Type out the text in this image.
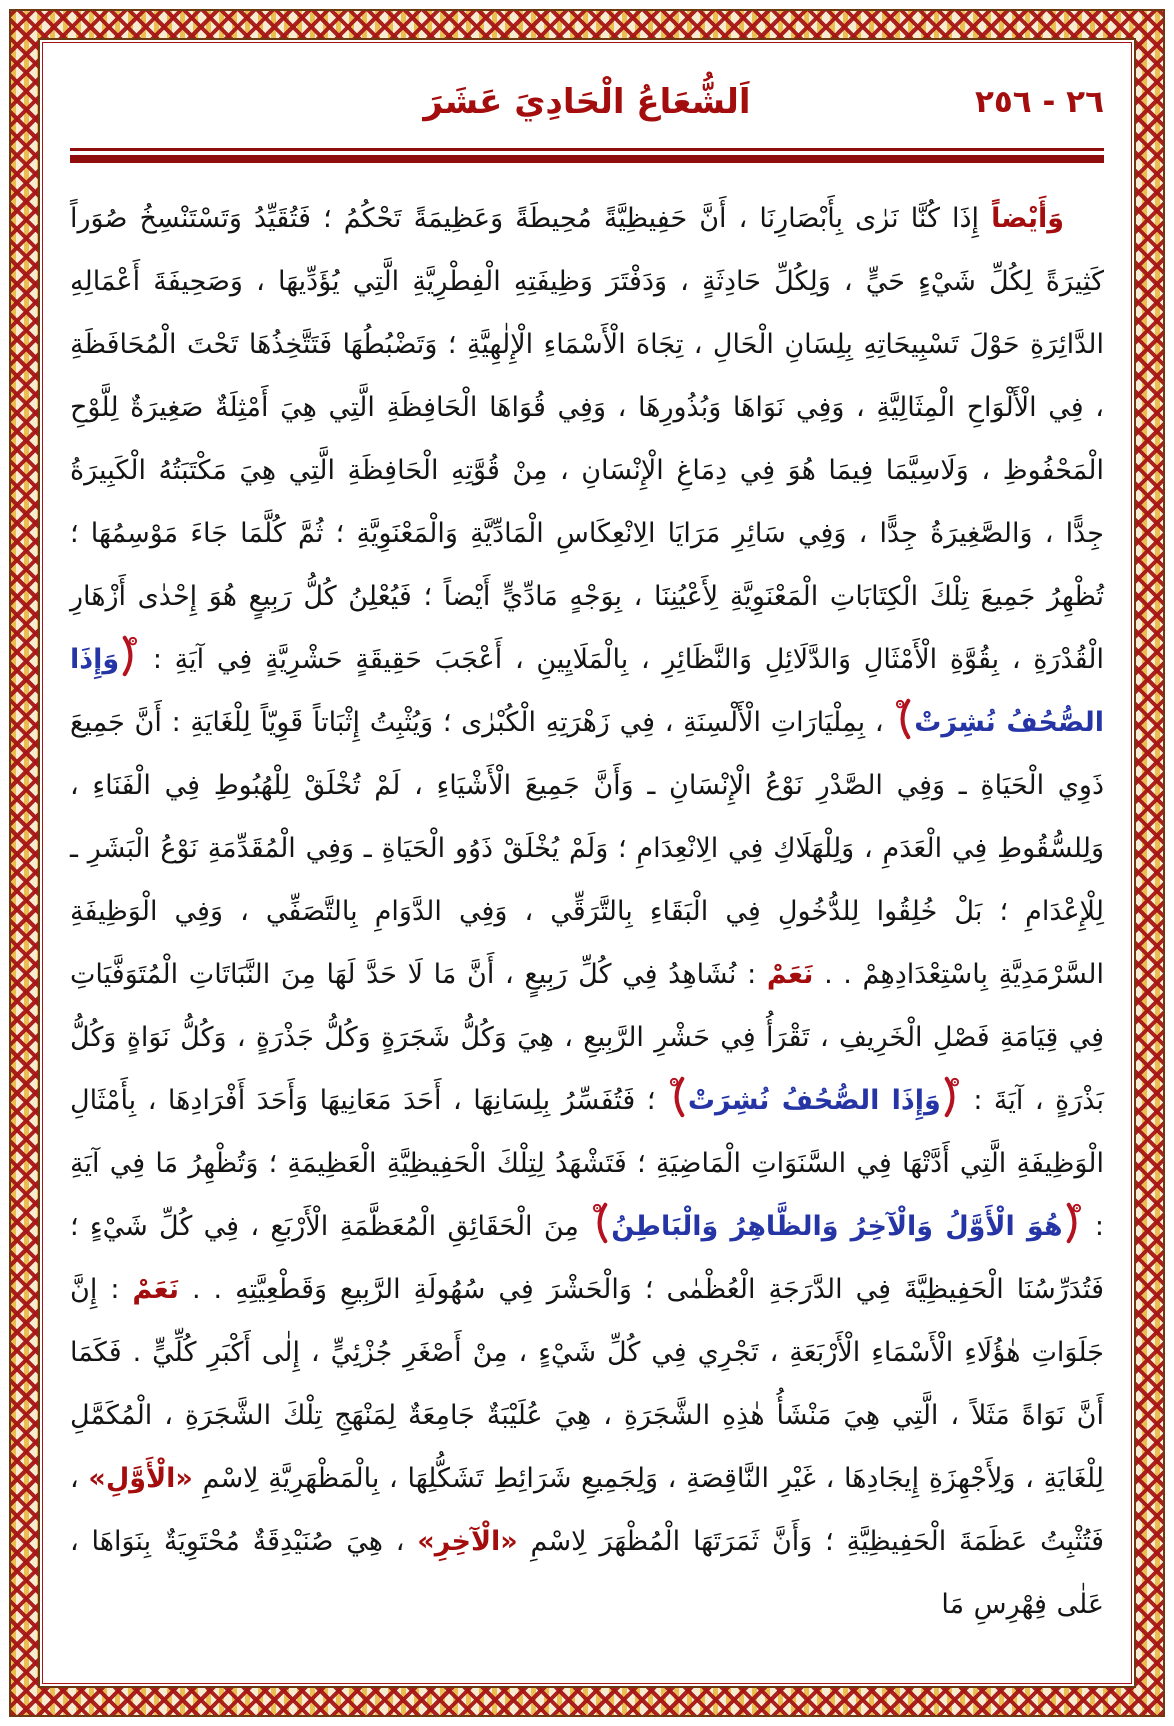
اَلشُّعَاعُ الْحَادِيَ عَشَرَ	٢٥٦ - ٢٦
وَأَيْضاً إِذَا كُنَّا نَرٰى بِأَبْصَارِنَا ، أَنَّ حَفِيظِيَّةً مُحِيطَةً وَعَظِيمَةً تَحْكُمُ ؛ فَتُقَيِّدُ وَتَسْتَنْسِخُ صُوَراً كَثِيرَةً لِكُلِّ شَيْءٍ حَيٍّ ، وَلِكُلِّ حَادِثَةٍ ، وَدَفْتَرَ وَظِيفَتِهِ الْفِطْرِيَّةِ الَّتِي يُؤَدِّيهَا ، وَصَحِيفَةَ أَعْمَالِهِ الدَّائِرَةِ حَوْلَ تَسْبِيحَاتِهِ بِلِسَانِ الْحَالِ ، تِجَاهَ الْأَسْمَاءِ الْإِلٰهِيَّةِ ؛ وَتَضْبُطُهَا فَتَتَّخِذُهَا تَحْتَ الْمُحَافَظَةِ ، فِي الْأَلْوَاحِ الْمِثَالِيَّةِ ، وَفِي نَوَاهَا وَبُذُورِهَا ، وَفِي قُوَاهَا الْحَافِظَةِ الَّتِي هِيَ أَمْثِلَةٌ صَغِيرَةٌ لِلَّوْحِ الْمَحْفُوظِ ، وَلَاسِيَّمَا فِيمَا هُوَ فِي دِمَاغِ الْإِنْسَانِ ، مِنْ قُوَّتِهِ الْحَافِظَةِ الَّتِي هِيَ مَكْتَبَتُهُ الْكَبِيرَةُ جِدًّا ، وَالصَّغِيرَةُ جِدًّا ، وَفِي سَائِرِ مَرَايَا الِانْعِكَاسِ الْمَادِّيَّةِ وَالْمَعْنَوِيَّةِ ؛ ثُمَّ كُلَّمَا جَاءَ مَوْسِمُهَا ؛ تُظْهِرُ جَمِيعَ تِلْكَ الْكِتَابَاتِ الْمَعْنَوِيَّةِ لِأَعْيُنِنَا ، بِوَجْهٍ مَادِّيٍّ أَيْضاً ؛ فَيُعْلِنُ كُلُّ رَبِيعٍ هُوَ إِحْدٰى أَزْهَارِ الْقُدْرَةِ ، بِقُوَّةِ الْأَمْثَالِ وَالدَّلَائِلِ وَالنَّظَائِرِ ، بِالْمَلَايِينِ ، أَعْجَبَ حَقِيقَةٍ حَشْرِيَّةٍ فِي آيَةِ : وَإِذَا الصُّحُفُ نُشِرَتْ ، بِمِلْيَارَاتِ الْأَلْسِنَةِ ، فِي زَهْرَتِهِ الْكُبْرٰى ؛ وَيُثْبِتُ إِثْبَاتاً قَوِيّاً لِلْغَايَةِ : أَنَّ جَمِيعَ ذَوِي الْحَيَاةِ ـ وَفِي الصَّدْرِ نَوْعُ الْإِنْسَانِ ـ وَأَنَّ جَمِيعَ الْأَشْيَاءِ ، لَمْ تُخْلَقْ لِلْهُبُوطِ فِي الْفَنَاءِ ، وَلِلسُّقُوطِ فِي الْعَدَمِ ، وَلِلْهَلَاكِ فِي الِانْعِدَامِ ؛ وَلَمْ يُخْلَقْ ذَوُو الْحَيَاةِ ـ وَفِي الْمُقَدِّمَةِ نَوْعُ الْبَشَرِ ـ لِلْإِعْدَامِ ؛ بَلْ خُلِقُوا لِلدُّخُولِ فِي الْبَقَاءِ بِالتَّرَقِّي ، وَفِي الدَّوَامِ بِالتَّصَفِّي ، وَفِي الْوَظِيفَةِ السَّرْمَدِيَّةِ بِاسْتِعْدَادِهِمْ . . نَعَمْ : نُشَاهِدُ فِي كُلِّ رَبِيعٍ ، أَنَّ مَا لَا حَدَّ لَهَا مِنَ النَّبَاتَاتِ الْمُتَوَفَّيَاتِ فِي قِيَامَةِ فَصْلِ الْخَرِيفِ ، تَقْرَأُ فِي حَشْرِ الرَّبِيعِ ، هِيَ وَكُلُّ شَجَرَةٍ وَكُلُّ جَذْرَةٍ ، وَكُلُّ نَوَاةٍ وَكُلُّ بَذْرَةٍ ، آيَةَ : وَإِذَا الصُّحُفُ نُشِرَتْ ؛ فَتُفَسِّرُ بِلِسَانِهَا ، أَحَدَ مَعَانِيهَا وَأَحَدَ أَفْرَادِهَا ، بِأَمْثَالِ الْوَظِيفَةِ الَّتِي أَدَّتْهَا فِي السَّنَوَاتِ الْمَاضِيَةِ ؛ فَتَشْهَدُ لِتِلْكَ الْحَفِيظِيَّةِ الْعَظِيمَةِ ؛ وَتُظْهِرُ مَا فِي آيَةِ : هُوَ الْأَوَّلُ وَالْآخِرُ وَالظَّاهِرُ وَالْبَاطِنُ مِنَ الْحَقَائِقِ الْمُعَظَّمَةِ الْأَرْبَعِ ، فِي كُلِّ شَيْءٍ ؛ فَتُدَرِّسُنَا الْحَفِيظِيَّةَ فِي الدَّرَجَةِ الْعُظْمٰى ؛ وَالْحَشْرَ فِي سُهُولَةِ الرَّبِيعِ وَقَطْعِيَّتِهِ . . نَعَمْ : إِنَّ جَلَوَاتِ هٰؤُلَاءِ الْأَسْمَاءِ الْأَرْبَعَةِ ، تَجْرِي فِي كُلِّ شَيْءٍ ، مِنْ أَصْغَرِ جُزْئِيٍّ ، إِلٰى أَكْبَرِ كُلِّيٍّ . فَكَمَا أَنَّ نَوَاةً مَثَلاً ، الَّتِي هِيَ مَنْشَأُ هٰذِهِ الشَّجَرَةِ ، هِيَ عُلَيْبَةٌ جَامِعَةٌ لِمَنْهَجِ تِلْكَ الشَّجَرَةِ ، الْمُكَمَّلِ لِلْغَايَةِ ، وَلِأَجْهِزَةِ إِيجَادِهَا ، غَيْرِ النَّاقِصَةِ ، وَلِجَمِيعِ شَرَائِطِ تَشَكُّلِهَا ، بِالْمَظْهَرِيَّةِ لِاسْمِ «الْأَوَّلِ» ، فَتُثْبِتُ عَظَمَةَ الْحَفِيظِيَّةِ ؛ وَأَنَّ ثَمَرَتَهَا الْمُظْهَرَ لِاسْمِ «الْآخِرِ» ، هِيَ صُنَيْدِقَةٌ مُحْتَوِيَةٌ بِنَوَاهَا ، عَلٰى فِهْرِسِ مَا
